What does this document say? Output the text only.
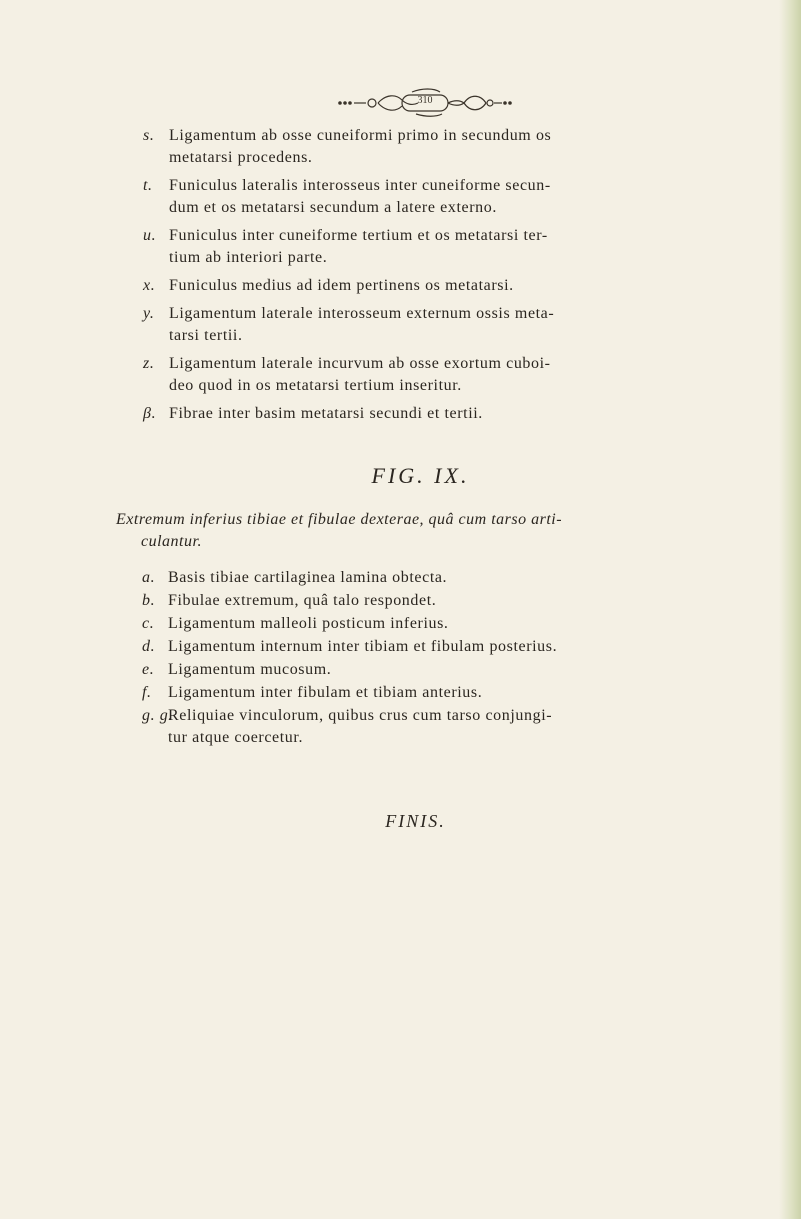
310
s. Ligamentum ab osse cuneiformi primo in secundum os
metatarsi procedens.
t. Funiculus lateralis interosseus inter cuneiforme secun-
dum et os metatarsi secundum a latere externo.
u. Funiculus inter cuneiforme tertium et os metatarsi ter-
tium ab interiori parte.
x. Funiculus medius ad idem pertinens os metatarsi.
y. Ligamentum laterale interosseum externum ossis meta-
tarsi tertii.
z. Ligamentum laterale incurvum ab osse exortum cuboi-
deo quod in os metatarsi tertium inseritur.
β. Fibrae inter basim metatarsi secundi et tertii.
FIG. IX.
Extremum inferius tibiae et fibulae dexterae, quâ cum tarso arti-
culantur.
a. Basis tibiae cartilaginea lamina obtecta.
b. Fibulae extremum, quâ talo respondet.
c. Ligamentum malleoli posticum inferius.
d. Ligamentum internum inter tibiam et fibulam posterius.
e. Ligamentum mucosum.
f. Ligamentum inter fibulam et tibiam anterius.
g. g.
Reliquiae vinculorum, quibus crus cum tarso conjungi-
tur atque coercetur.
FINIS.
